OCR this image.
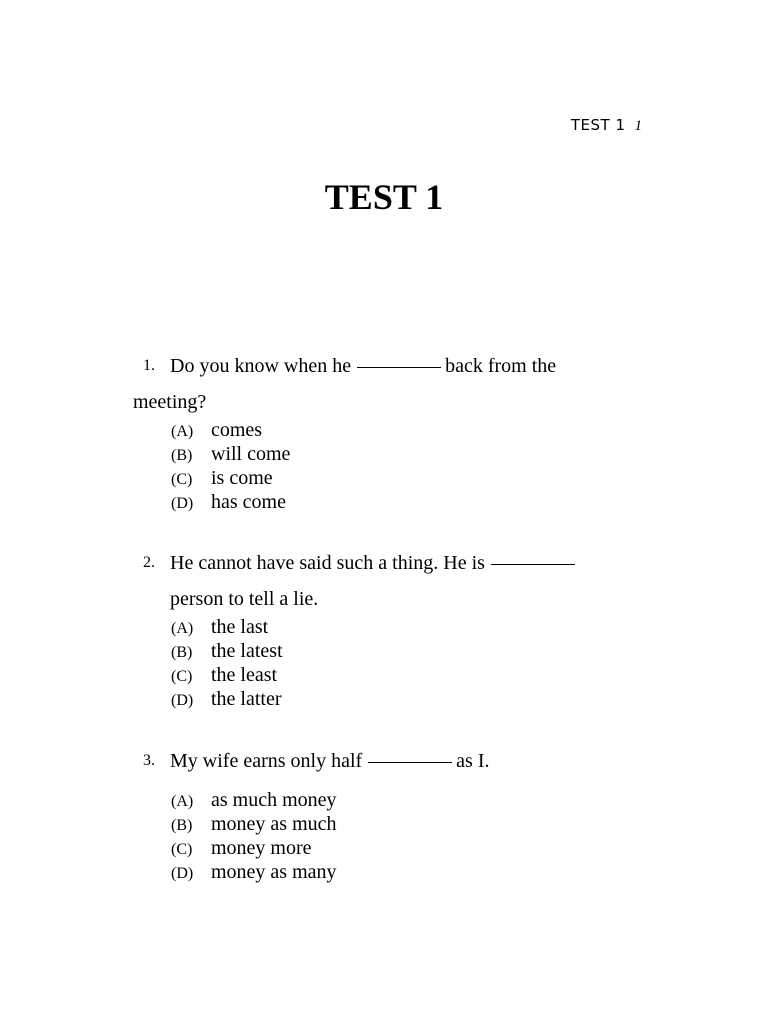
TEST 1 1
TEST 1
1. Do you know when he	back from the
meeting?
(A) comes
(B) will come
(C) is come
(D) has come
2. He cannot have said such a thing. He is
person to tell a lie.
(A) the last
(B) the latest
(C) the least
(D) the latter
3. My wife earns only half	as I.
(A) as much money
(B) money as much
(C) money more
(D) money as many
